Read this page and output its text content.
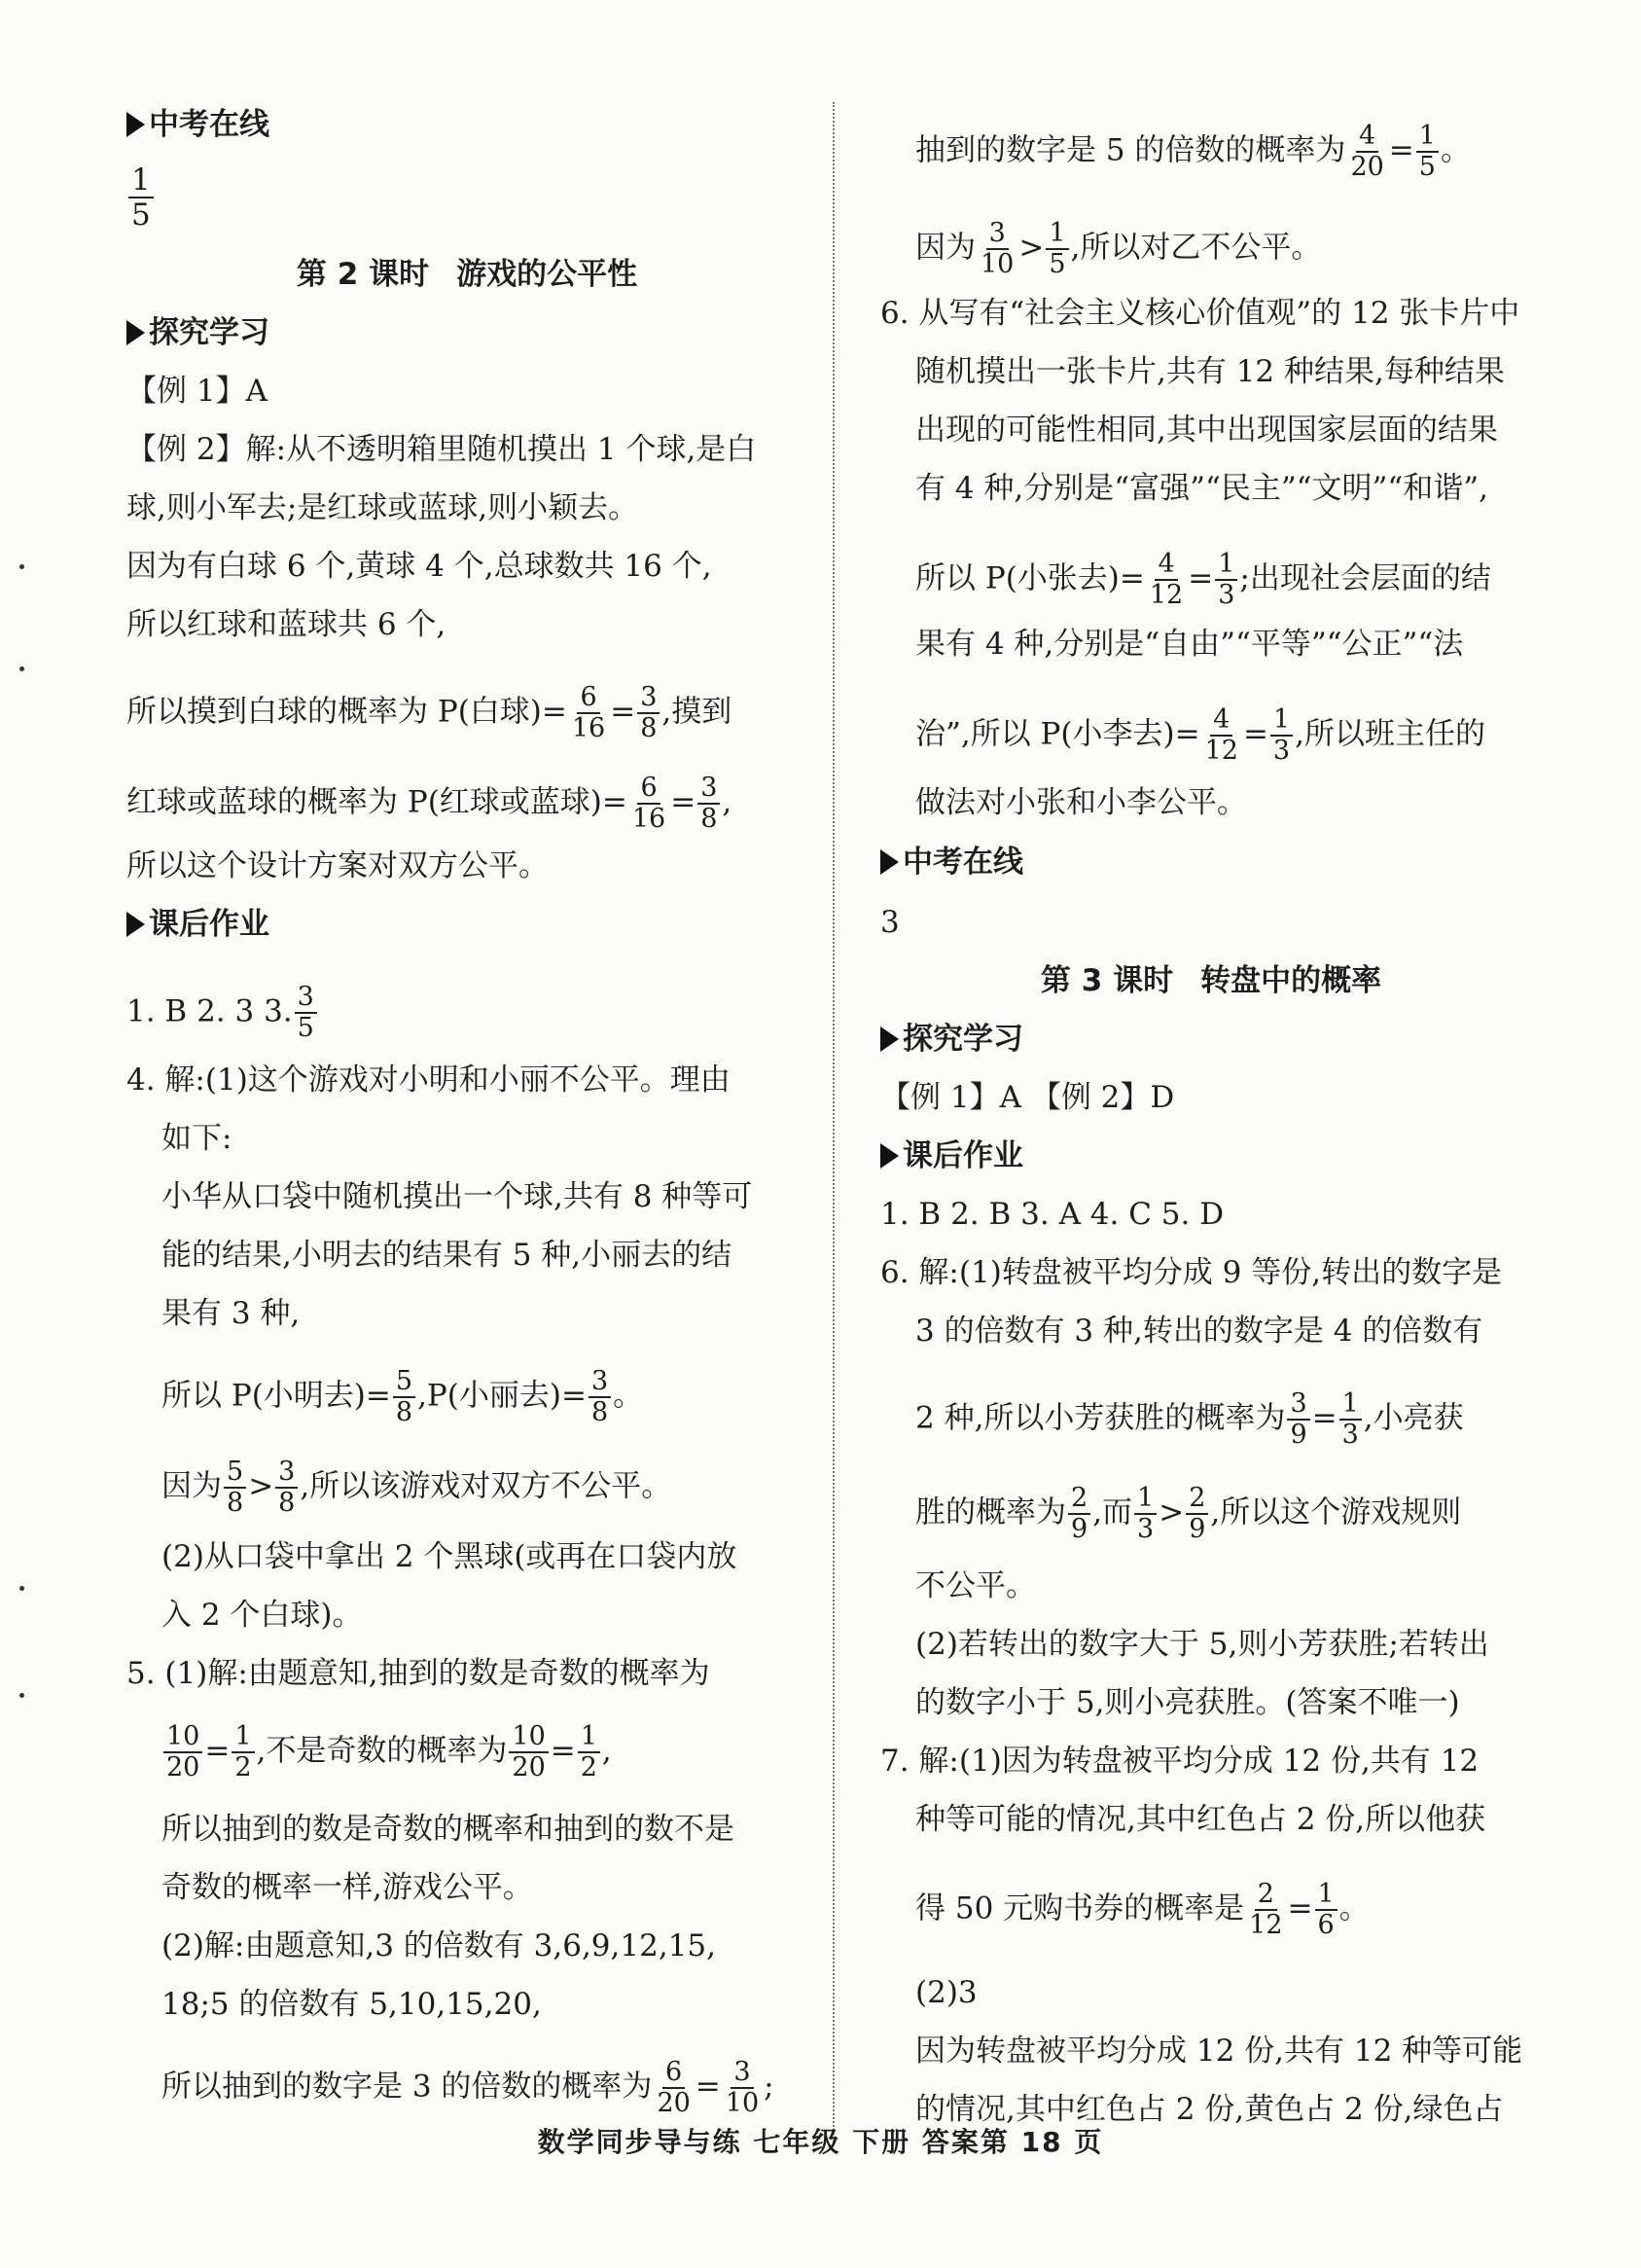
中考在线
$\frac{1}{5}$
第 2 课时 游戏的公平性
探究学习
【例 1】A
【例 2】解:从不透明箱里随机摸出 1 个球,是白
球,则小军去;是红球或蓝球,则小颖去。
因为有白球 6 个,黄球 4 个,总球数共 16 个,
所以红球和蓝球共 6 个,
所以摸到白球的概率为 P(白球)= $\frac{6}{16} = \frac{3}{8}$ ,摸到
红球或蓝球的概率为 P(红球或蓝球)= $\frac{6}{16} = \frac{3}{8}$ ,
所以这个设计方案对双方公平。
课后作业
1. B 2. 3 3. $\frac{3}{5}$
4. 解:(1)这个游戏对小明和小丽不公平。理由
如下:
小华从口袋中随机摸出一个球,共有 8 种等可
能的结果,小明去的结果有 5 种,小丽去的结
果有 3 种,
所以 P(小明去)= $\frac{5}{8} ,P$(小丽去)= $\frac{3}{8}$ 。
因为 $\frac{5}{8} > \frac{3}{8}$ ,所以该游戏对双方不公平。
(2)从口袋中拿出 2 个黑球(或再在口袋内放
入 2 个白球)。
5. (1)解:由题意知,抽到的数是奇数的概率为
$\frac{10}{20} = \frac{1}{2}$ ,不是奇数的概率为 $\frac{10}{20} = \frac{1}{2}$ ,
所以抽到的数是奇数的概率和抽到的数不是
奇数的概率一样,游戏公平。
(2)解:由题意知,3 的倍数有 3,6,9,12,15,
18;5 的倍数有 5,10,15,20,
所以抽到的数字是 3 的倍数的概率为 $\frac{6}{20} = \frac{3}{10}$ ;
抽到的数字是 5 的倍数的概率为 $\frac{4}{20} = \frac{1}{5}$ 。
因为 $\frac{3}{10} > \frac{1}{5}$ ,所以对乙不公平。
6. 从写有“社会主义核心价值观”的 12 张卡片中
随机摸出一张卡片,共有 12 种结果,每种结果
出现的可能性相同,其中出现国家层面的结果
有 4 种,分别是“富强”“民主”“文明”“和谐”,
所以 P(小张去)= $\frac{4}{12} = \frac{1}{3}$ ;出现社会层面的结
果有 4 种,分别是“自由”“平等”“公正”“法
治”,所以 P(小李去)= $\frac{4}{12} = \frac{1}{3}$ ,所以班主任的
做法对小张和小李公平。
中考在线
3
第 3 课时 转盘中的概率
探究学习
【例 1】A 【例 2】D
课后作业
1. B 2. B 3. A 4. C 5. D
6. 解:(1)转盘被平均分成 9 等份,转出的数字是
3 的倍数有 3 种,转出的数字是 4 的倍数有
2 种,所以小芳获胜的概率为 $\frac{3}{9} = \frac{1}{3}$ ,小亮获
胜的概率为 $\frac{2}{9}$ ,而 $\frac{1}{3} > \frac{2}{9}$ ,所以这个游戏规则
不公平。
(2)若转出的数字大于 5,则小芳获胜;若转出
的数字小于 5,则小亮获胜。(答案不唯一)
7. 解:(1)因为转盘被平均分成 12 份,共有 12
种等可能的情况,其中红色占 2 份,所以他获
得 50 元购书券的概率是 $\frac{2}{12} = \frac{1}{6}$ 。
(2)3
因为转盘被平均分成 12 份,共有 12 种等可能
的情况,其中红色占 2 份,黄色占 2 份,绿色占
数学同步导与练 七年级 下册 答案第 18 页
